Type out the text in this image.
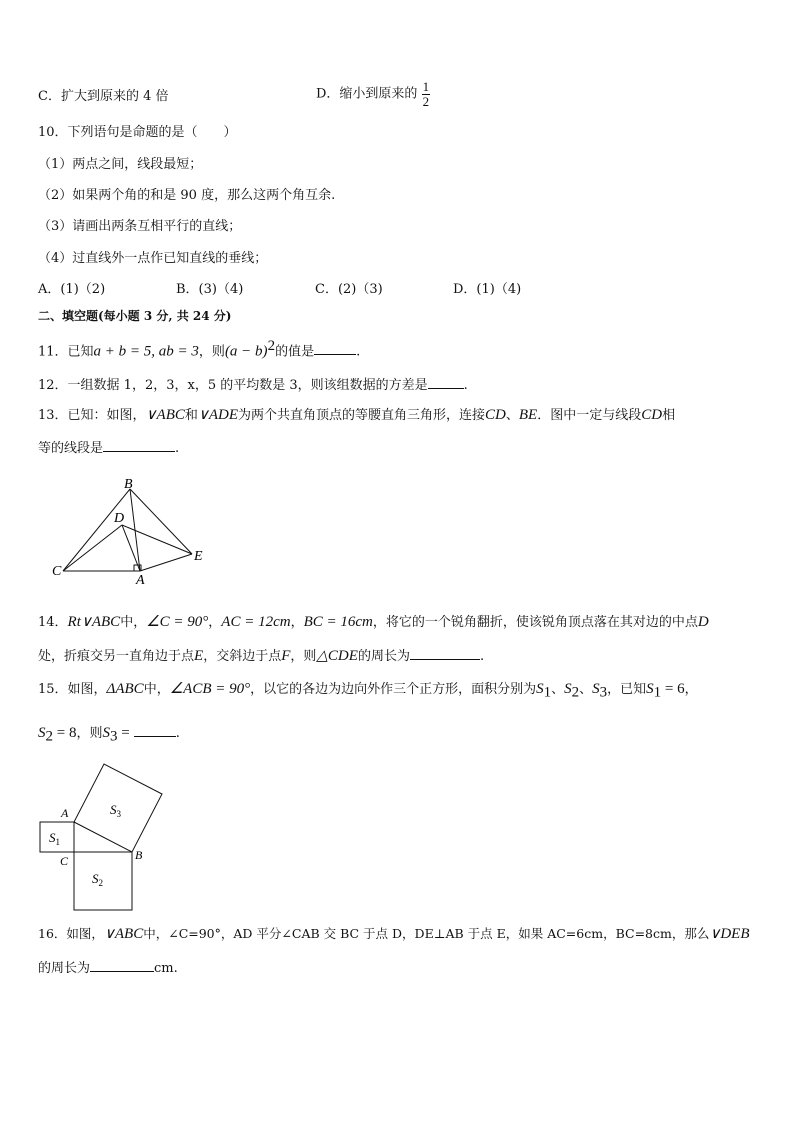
C．扩大到原来的 4 倍	D．缩小到原来的 $\frac{1}{2}$
10．下列语句是命题的是（　　）
（1）两点之间，线段最短；
（2）如果两个角的和是 90 度，那么这两个角互余.
（3）请画出两条互相平行的直线；
（4）过直线外一点作已知直线的垂线；
A．(1)（2)	B．(3)（4)	C．(2)（3)	D．(1)（4)
二、填空题(每小题 3 分, 共 24 分)
11．已知a + b = 5, ab = 3，则$(a - b)^2$的值是	.
12．一组数据 1，2，3，x，5 的平均数是 3，则该组数据的方差是	.
13．已知：如图，∨ABC和∨ADE为两个共直角顶点的等腰直角三角形，连接CD、BE．图中一定与线段CD相
等的线段是	.
B
D
C
A
E
14．Rt∨ABC中，∠C = 90°，AC = 12cm，BC = 16cm，将它的一个锐角翻折，使该锐角顶点落在其对边的中点D
处，折痕交另一直角边于点E，交斜边于点F，则△CDE的周长为	.
15．如图，ΔABC中，∠ACB = 90°，以它的各边为边向外作三个正方形，面积分别为$S_1$、$S_2$、$S_3$，已知$S_1 = 6$，
$S_2 = 8$，则$S_3$ =	.
A
C	B
$S_1$
$S_2$
$S_3$
16．如图，∨ABC中，∠C=90°，AD 平分∠CAB 交 BC 于点 D，DE⊥AB 于点 E，如果 AC=6cm，BC=8cm，那么∨DEB
的周长为	cm.
